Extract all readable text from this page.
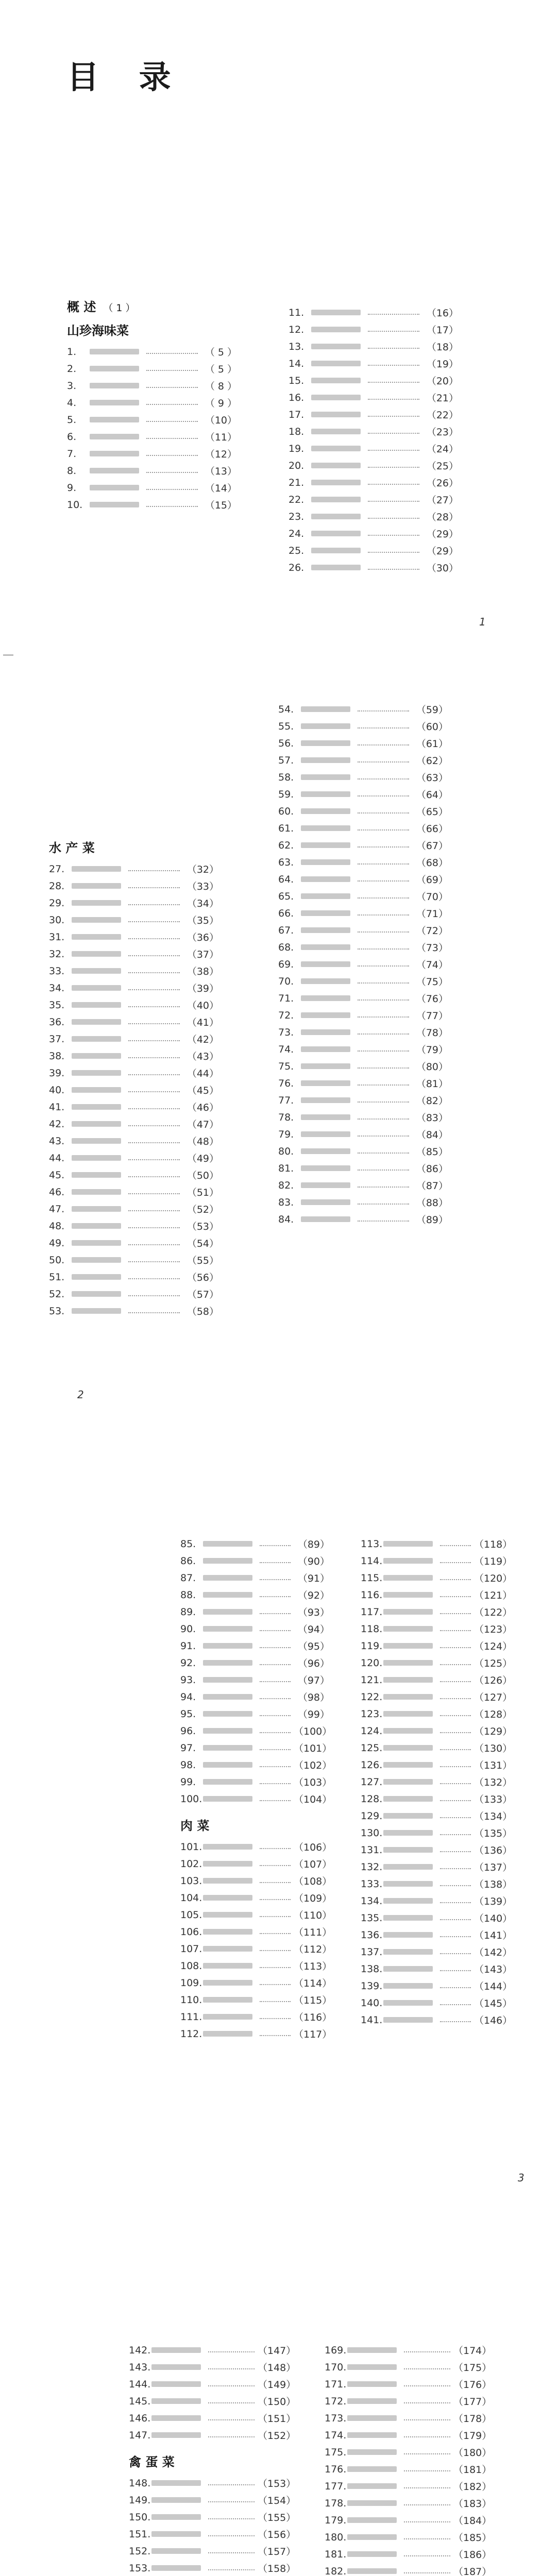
目 录
概 述 （ 1 ）
山珍海味菜
1.	（ 5 ）
2.	（ 5 ）
3.	（ 8 ）
4.	（ 9 ）
5.	（10）
6.	（11）
7.	（12）
8.	（13）
9.	（14）
10.	（15）
11.	（16）
12.	（17）
13.	（18）
14.	（19）
15.	（20）
16.	（21）
17.	（22）
18.	（23）
19.	（24）
20.	（25）
21.	（26）
22.	（27）
23.	（28）
24.	（29）
25.	（29）
26.	（30）
1
水 产 菜
27.	（32）
28.	（33）
29.	（34）
30.	（35）
31.	（36）
32.	（37）
33.	（38）
34.	（39）
35.	（40）
36.	（41）
37.	（42）
38.	（43）
39.	（44）
40.	（45）
41.	（46）
42.	（47）
43.	（48）
44.	（49）
45.	（50）
46.	（51）
47.	（52）
48.	（53）
49.	（54）
50.	（55）
51.	（56）
52.	（57）
53.	（58）
54.	（59）
55.	（60）
56.	（61）
57.	（62）
58.	（63）
59.	（64）
60.	（65）
61.	（66）
62.	（67）
63.	（68）
64.	（69）
65.	（70）
66.	（71）
67.	（72）
68.	（73）
69.	（74）
70.	（75）
71.	（76）
72.	（77）
73.	（78）
74.	（79）
75.	（80）
76.	（81）
77.	（82）
78.	（83）
79.	（84）
80.	（85）
81.	（86）
82.	（87）
83.	（88）
84.	（89）
2
85.	（89）
86.	（90）
87.	（91）
88.	（92）
89.	（93）
90.	（94）
91.	（95）
92.	（96）
93.	（97）
94.	（98）
95.	（99）
96.	（100）
97.	（101）
98.	（102）
99.	（103）
100.	（104）
肉 菜
101.	（106）
102.	（107）
103.	（108）
104.	（109）
105.	（110）
106.	（111）
107.	（112）
108.	（113）
109.	（114）
110.	（115）
111.	（116）
112.	（117）
113.	（118）
114.	（119）
115.	（120）
116.	（121）
117.	（122）
118.	（123）
119.	（124）
120.	（125）
121.	（126）
122.	（127）
123.	（128）
124.	（129）
125.	（130）
126.	（131）
127.	（132）
128.	（133）
129.	（134）
130.	（135）
131.	（136）
132.	（137）
133.	（138）
134.	（139）
135.	（140）
136.	（141）
137.	（142）
138.	（143）
139.	（144）
140.	（145）
141.	（146）
3
142.	（147）
143.	（148）
144.	（149）
145.	（150）
146.	（151）
147.	（152）
禽 蛋 菜
148.	（153）
149.	（154）
150.	（155）
151.	（156）
152.	（157）
153.	（158）
169.	（174）
170.	（175）
171.	（176）
172.	（177）
173.	（178）
174.	（179）
175.	（180）
176.	（181）
177.	（182）
178.	（183）
179.	（184）
180.	（185）
181.	（186）
182.	（187）
